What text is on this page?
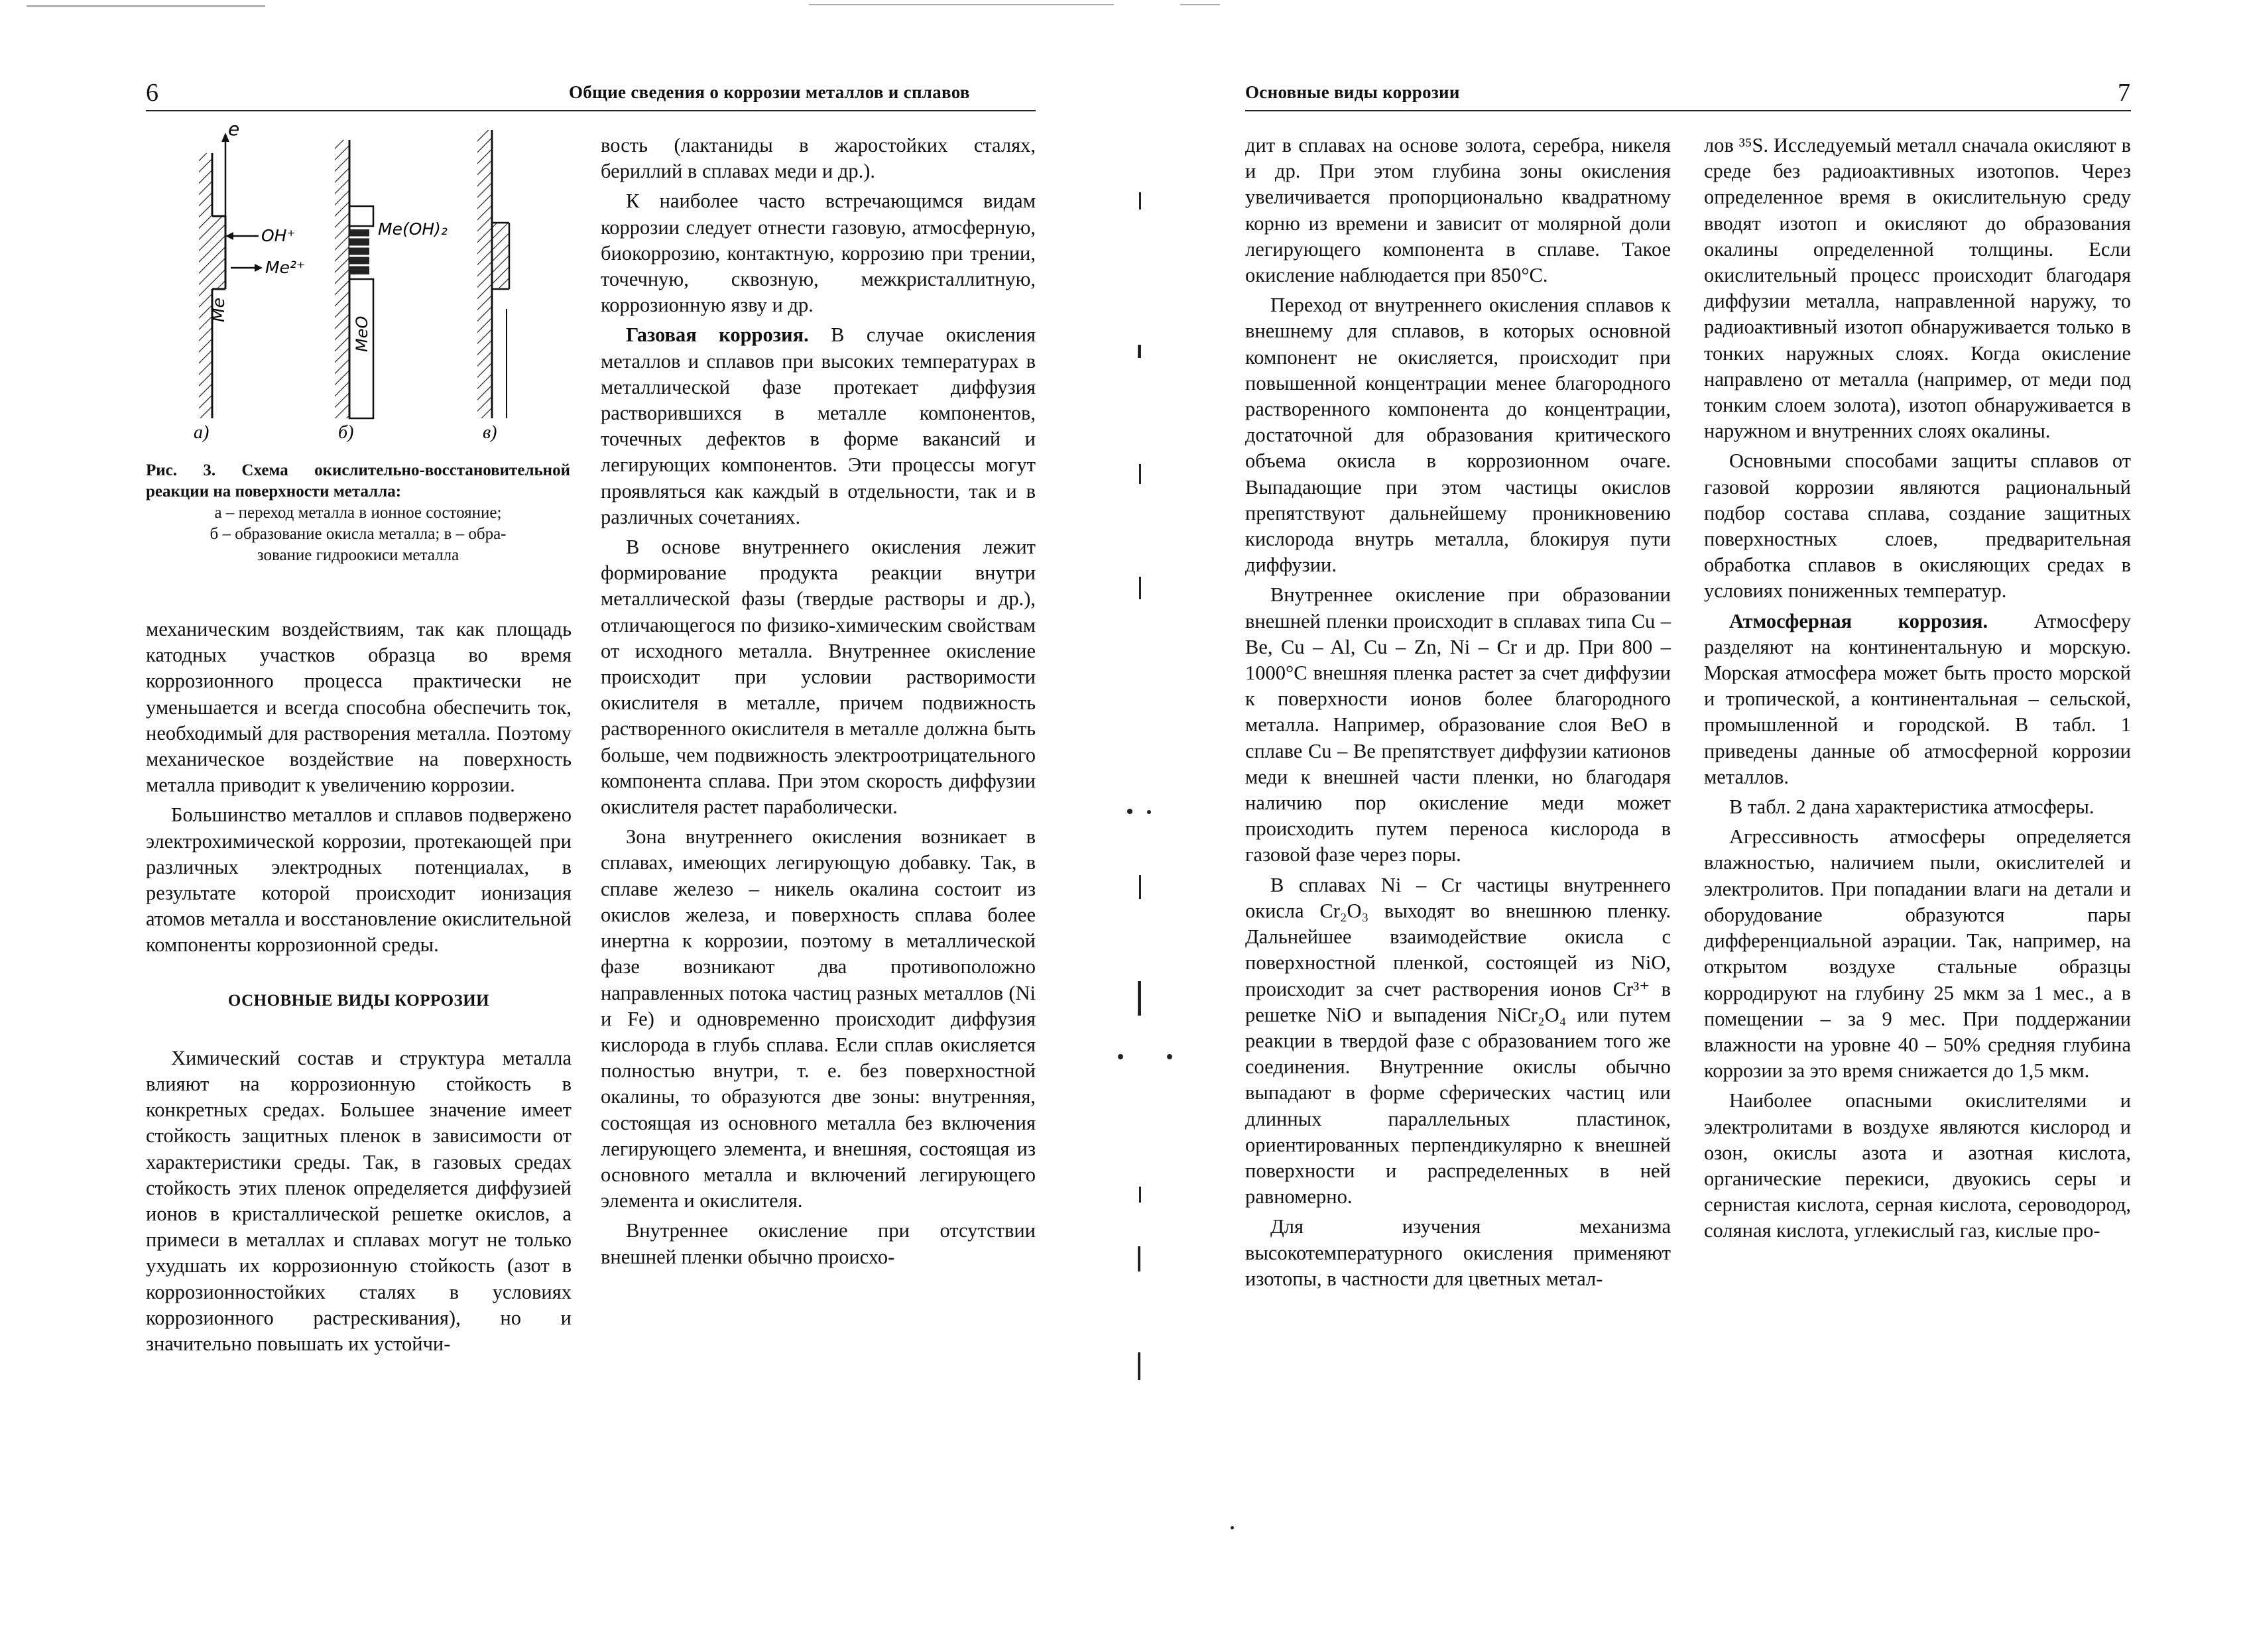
6	Общие сведения о коррозии металлов и сплавов
e
OH⁺
Me²⁺
Me
а)
Me(OH)₂
MeO
б)	в)
Рис. 3. Схема окислительно-восстановительной реакции на поверхности металла:
а – переход металла в ионное состояние;
б – образование окисла металла; в – обра-
зование гидроокиси металла

механическим воздействиям, так как площадь катодных участков образца во время коррозионного процесса практически не уменьшается и всегда способна обеспечить ток, необходимый для растворения металла. Поэтому механическое воздействие на поверхность металла приводит к увеличению коррозии.

Большинство металлов и сплавов подвержено электрохимической коррозии, протекающей при различных электродных потенциалах, в результате которой происходит ионизация атомов металла и восстановление окислительной компоненты коррозионной среды.

ОСНОВНЫЕ ВИДЫ КОРРОЗИИ

Химический состав и структура металла влияют на коррозионную стойкость в конкретных средах. Большее значение имеет стойкость защитных пленок в зависимости от характеристики среды. Так, в газовых средах стойкость этих пленок определяется диффузией ионов в кристаллической решетке окислов, а примеси в металлах и сплавах могут не только ухудшать их коррозионную стойкость (азот в коррозионностойких сталях в условиях коррозионного растрескивания), но и значительно повышать их устойчи-

вость (лактаниды в жаростойких сталях, бериллий в сплавах меди и др.).

К наиболее часто встречающимся видам коррозии следует отнести газовую, атмосферную, биокоррозию, контактную, коррозию при трении, точечную, сквозную, межкристаллитную, коррозионную язву и др.

Газовая коррозия. В случае окисления металлов и сплавов при высоких температурах в металлической фазе протекает диффузия растворившихся в металле компонентов, точечных дефектов в форме вакансий и легирующих компонентов. Эти процессы могут проявляться как каждый в отдельности, так и в различных сочетаниях.

В основе внутреннего окисления лежит формирование продукта реакции внутри металлической фазы (твердые растворы и др.), отличающегося по физико-химическим свойствам от исходного металла. Внутреннее окисление происходит при условии растворимости окислителя в металле, причем подвижность растворенного окислителя в металле должна быть больше, чем подвижность электроотрицательного компонента сплава. При этом скорость диффузии окислителя растет параболически.

Зона внутреннего окисления возникает в сплавах, имеющих легирующую добавку. Так, в сплаве железо – никель окалина состоит из окислов железа, и поверхность сплава более инертна к коррозии, поэтому в металлической фазе возникают два противоположно направленных потока частиц разных металлов (Ni и Fe) и одновременно происходит диффузия кислорода в глубь сплава. Если сплав окисляется полностью внутри, т. е. без поверхностной окалины, то образуются две зоны: внутренняя, состоящая из основного металла без включения легирующего элемента, и внешняя, состоящая из основного металла и включений легирующего элемента и окислителя.

Внутреннее окисление при отсутствии внешней пленки обычно происхо-

Основные виды коррозии	7

дит в сплавах на основе золота, серебра, никеля и др. При этом глубина зоны окисления увеличивается пропорционально квадратному корню из времени и зависит от молярной доли легирующего компонента в сплаве. Такое окисление наблюдается при 850°С.

Переход от внутреннего окисления сплавов к внешнему для сплавов, в которых основной компонент не окисляется, происходит при повышенной концентрации менее благородного растворенного компонента до концентрации, достаточной для образования критического объема окисла в коррозионном очаге. Выпадающие при этом частицы окислов препятствуют дальнейшему проникновению кислорода внутрь металла, блокируя пути диффузии.

Внутреннее окисление при образовании внешней пленки происходит в сплавах типа Cu – Be, Cu – Al, Cu – Zn, Ni – Cr и др. При 800 – 1000°С внешняя пленка растет за счет диффузии к поверхности ионов более благородного металла. Например, образование слоя BeO в сплаве Cu – Be препятствует диффузии катионов меди к внешней части пленки, но благодаря наличию пор окисление меди может происходить путем переноса кислорода в газовой фазе через поры.

В сплавах Ni – Cr частицы внутреннего окисла Cr₂O₃ выходят во внешнюю пленку. Дальнейшее взаимодействие окисла с поверхностной пленкой, состоящей из NiO, происходит за счет растворения ионов Cr³⁺ в решетке NiO и выпадения NiCr₂O₄ или путем реакции в твердой фазе с образованием того же соединения. Внутренние окислы обычно выпадают в форме сферических частиц или длинных параллельных пластинок, ориентированных перпендикулярно к внешней поверхности и распределенных в ней равномерно.

Для изучения механизма высокотемпературного окисления применяют изотопы, в частности для цветных метал-

лов ³⁵S. Исследуемый металл сначала окисляют в среде без радиоактивных изотопов. Через определенное время в окислительную среду вводят изотоп и окисляют до образования окалины определенной толщины. Если окислительный процесс происходит благодаря диффузии металла, направленной наружу, то радиоактивный изотоп обнаруживается только в тонких наружных слоях. Когда окисление направлено от металла (например, от меди под тонким слоем золота), изотоп обнаруживается в наружном и внутренних слоях окалины.

Основными способами защиты сплавов от газовой коррозии являются рациональный подбор состава сплава, создание защитных поверхностных слоев, предварительная обработка сплавов в окисляющих средах в условиях пониженных температур.

Атмосферная коррозия. Атмосферу разделяют на континентальную и морскую. Морская атмосфера может быть просто морской и тропической, а континентальная – сельской, промышленной и городской. В табл. 1 приведены данные об атмосферной коррозии металлов.

В табл. 2 дана характеристика атмосферы.

Агрессивность атмосферы определяется влажностью, наличием пыли, окислителей и электролитов. При попадании влаги на детали и оборудование образуются пары дифференциальной аэрации. Так, например, на открытом воздухе стальные образцы корродируют на глубину 25 мкм за 1 мес., а в помещении – за 9 мес. При поддержании влажности на уровне 40 – 50% средняя глубина коррозии за это время снижается до 1,5 мкм.

Наиболее опасными окислителями и электролитами в воздухе являются кислород и озон, окислы азота и азотная кислота, органические перекиси, двуокись серы и сернистая кислота, серная кислота, сероводород, соляная кислота, углекислый газ, кислые про-
